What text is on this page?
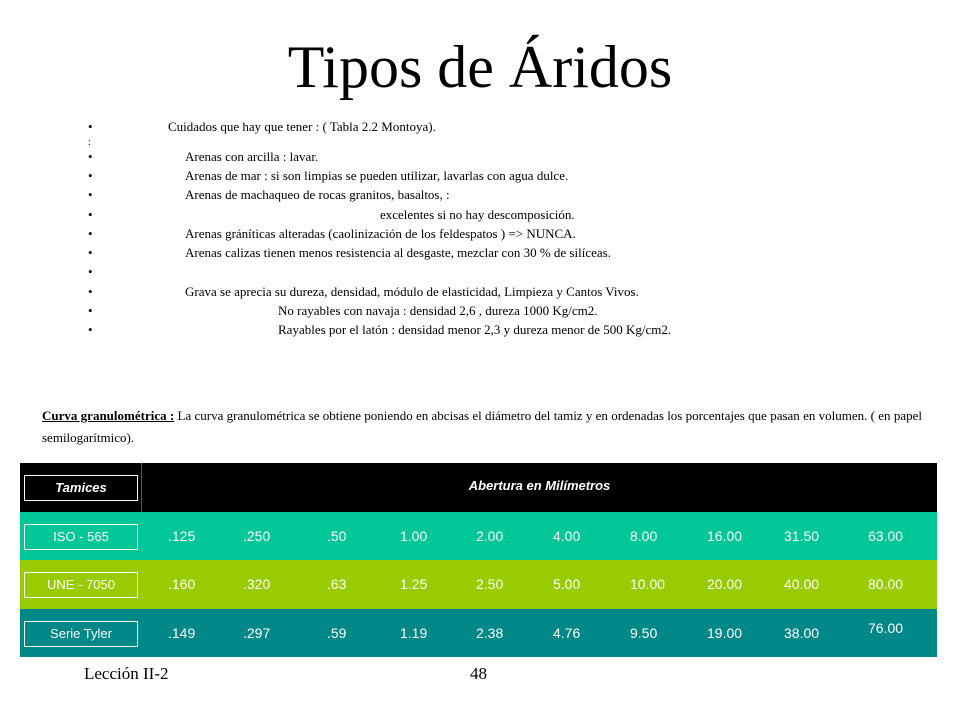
Tipos de Áridos
•	Cuidados que hay que tener : ( Tabla 2.2 Montoya).
:
•	Arenas con arcilla : lavar.
•	Arenas de mar : si son limpias se pueden utilizar, lavarlas con agua dulce.
•	Arenas de machaqueo de rocas granitos, basaltos, :
•	excelentes si no hay descomposición.
•	Arenas gráníticas alteradas (caolinización de los feldespatos ) => NUNCA.
•	Arenas calizas tienen menos resistencia al desgaste, mezclar con 30 % de silíceas.
•
•	Grava se aprecia su dureza, densidad, módulo de elasticidad, Limpieza y Cantos Vivos.
•	No rayables con navaja : densidad 2,6 , dureza 1000 Kg/cm2.
•	Rayables por el latón : densidad menor 2,3 y dureza menor de 500 Kg/cm2.
Curva granulométrica : La curva granulométrica se obtiene poniendo en abcisas el diámetro del tamiz y en ordenadas los porcentajes que pasan en volumen. ( en papel semilogarítmico).
Tamices	Abertura en Milímetros
ISO - 565	.125	.250	.50	1.00	2.00	4.00	8.00	16.00	31.50	63.00
UNE - 7050	.160	.320	.63	1.25	2.50	5.00	10.00	20.00	40.00	80.00
Serie Tyler	.149	.297	.59	1.19	2.38	4.76	9.50	19.00	38.00	76.00
Lección II-2	48
